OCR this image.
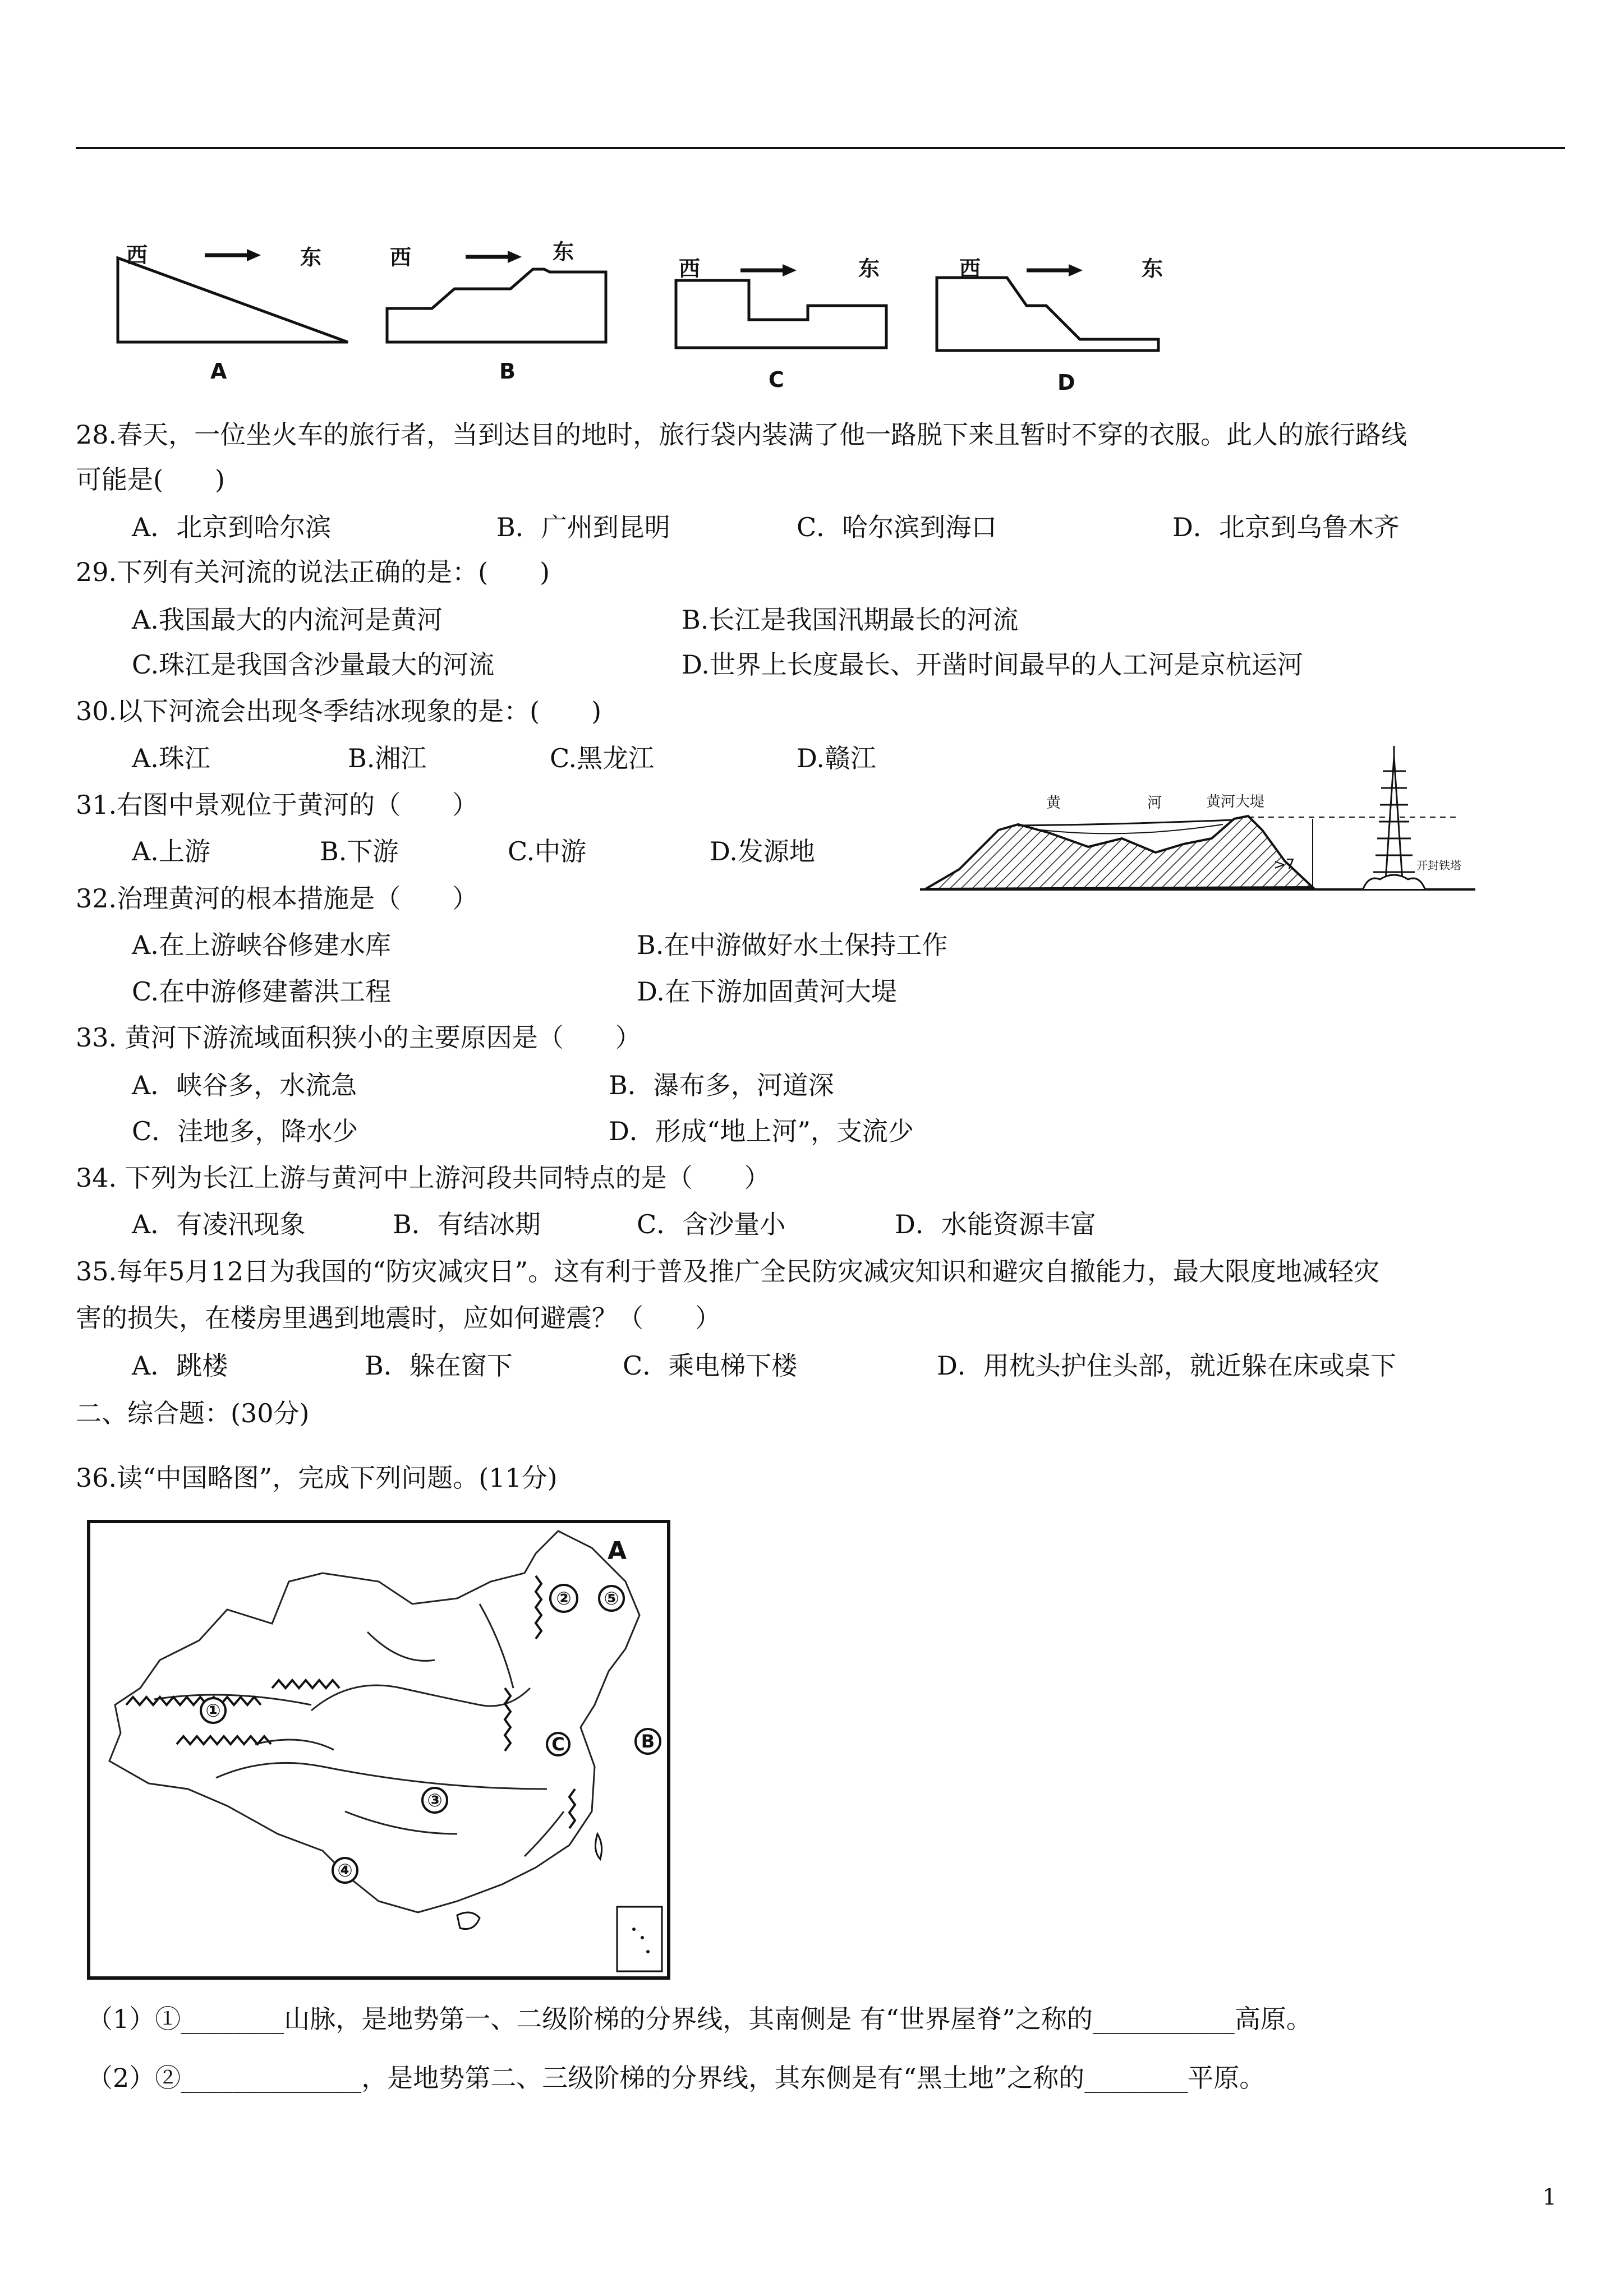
西	东	西	东
西	东	西	东
A	B	C	D
28.春天，一位坐火车的旅行者，当到达目的地时，旅行袋内装满了他一路脱下来且暂时不穿的衣服。此人的旅行路线
可能是(　　)
A．北京到哈尔滨	B．广州到昆明	C．哈尔滨到海口	D．北京到乌鲁木齐
29.下列有关河流的说法正确的是：(　　)
A.我国最大的内流河是黄河	B.长江是我国汛期最长的河流
C.珠江是我国含沙量最大的河流	D.世界上长度最长、开凿时间最早的人工河是京杭运河
30.以下河流会出现冬季结冰现象的是：(　　)
A.珠江	B.湘江	C.黑龙江	D.赣江
31.右图中景观位于黄河的（　　）
A.上游	B.下游	C.中游	D.发源地
黄	河	黄河大堤
>7	开封铁塔
32.治理黄河的根本措施是（　　）
A.在上游峡谷修建水库	B.在中游做好水土保持工作
C.在中游修建蓄洪工程	D.在下游加固黄河大堤
33. 黄河下游流域面积狭小的主要原因是（　　）
A．峡谷多，水流急	B．瀑布多，河道深
C．洼地多，降水少	D．形成“地上河”，支流少
34. 下列为长江上游与黄河中上游河段共同特点的是（　　）
A．有凌汛现象	B．有结冰期	C．含沙量小	D．水能资源丰富
35.每年5月12日为我国的“防灾减灾日”。这有利于普及推广全民防灾减灾知识和避灾自撤能力，最大限度地减轻灾
害的损失，在楼房里遇到地震时，应如何避震？（　　）
A．跳楼	B．躲在窗下	C．乘电梯下楼	D．用枕头护住头部，就近躲在床或桌下
二、综合题：(30分)
36.读“中国略图”，完成下列问题。(11分)
①
②
③
④
⑤
C	B
A
（1）①________山脉，是地势第一、二级阶梯的分界线，其南侧是 有“世界屋脊”之称的___________高原。
（2）②______________，是地势第二、三级阶梯的分界线，其东侧是有“黑土地”之称的________平原。
1
